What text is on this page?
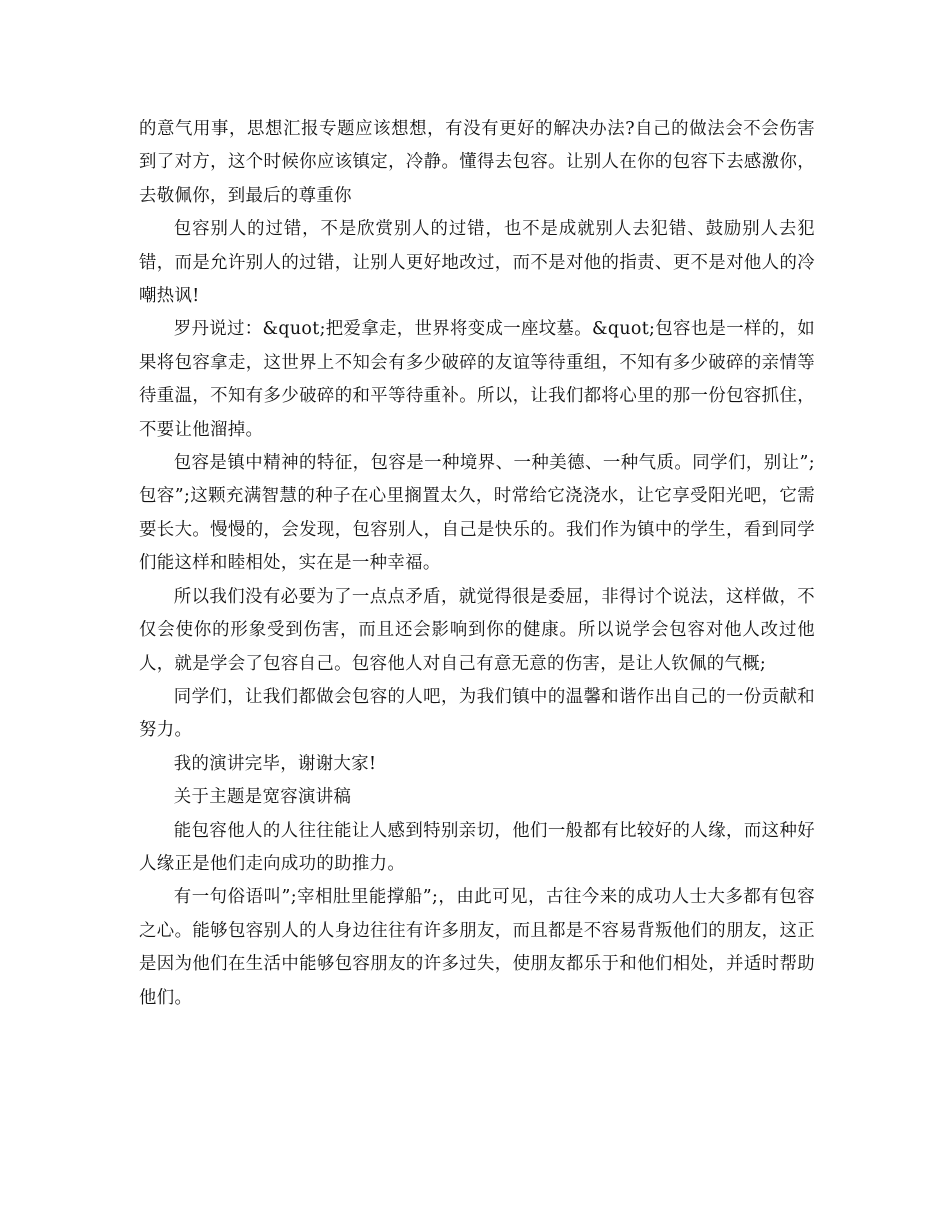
的意气用事，思想汇报专题应该想想，有没有更好的解决办法?自己的做法会不会伤害到了对方，这个时候你应该镇定，冷静。懂得去包容。让别人在你的包容下去感激你，去敬佩你，到最后的尊重你

包容别人的过错，不是欣赏别人的过错，也不是成就别人去犯错、鼓励别人去犯错，而是允许别人的过错，让别人更好地改过，而不是对他的指责、更不是对他人的冷嘲热讽!

罗丹说过：&quot;把爱拿走，世界将变成一座坟墓。&quot;包容也是一样的，如果将包容拿走，这世界上不知会有多少破碎的友谊等待重组，不知有多少破碎的亲情等待重温，不知有多少破碎的和平等待重补。所以，让我们都将心里的那一份包容抓住，不要让他溜掉。

包容是镇中精神的特征，包容是一种境界、一种美德、一种气质。同学们，别让”;包容”;这颗充满智慧的种子在心里搁置太久，时常给它浇浇水，让它享受阳光吧，它需要长大。慢慢的，会发现，包容别人，自己是快乐的。我们作为镇中的学生，看到同学们能这样和睦相处，实在是一种幸福。

所以我们没有必要为了一点点矛盾，就觉得很是委屈，非得讨个说法，这样做，不仅会使你的形象受到伤害，而且还会影响到你的健康。所以说学会包容对他人改过他人，就是学会了包容自己。包容他人对自己有意无意的伤害，是让人钦佩的气概;

同学们，让我们都做会包容的人吧，为我们镇中的温馨和谐作出自己的一份贡献和努力。

我的演讲完毕，谢谢大家!

关于主题是宽容演讲稿

能包容他人的人往往能让人感到特别亲切，他们一般都有比较好的人缘，而这种好人缘正是他们走向成功的助推力。

有一句俗语叫”;宰相肚里能撑船”;，由此可见，古往今来的成功人士大多都有包容之心。能够包容别人的人身边往往有许多朋友，而且都是不容易背叛他们的朋友，这正是因为他们在生活中能够包容朋友的许多过失，使朋友都乐于和他们相处，并适时帮助他们。
